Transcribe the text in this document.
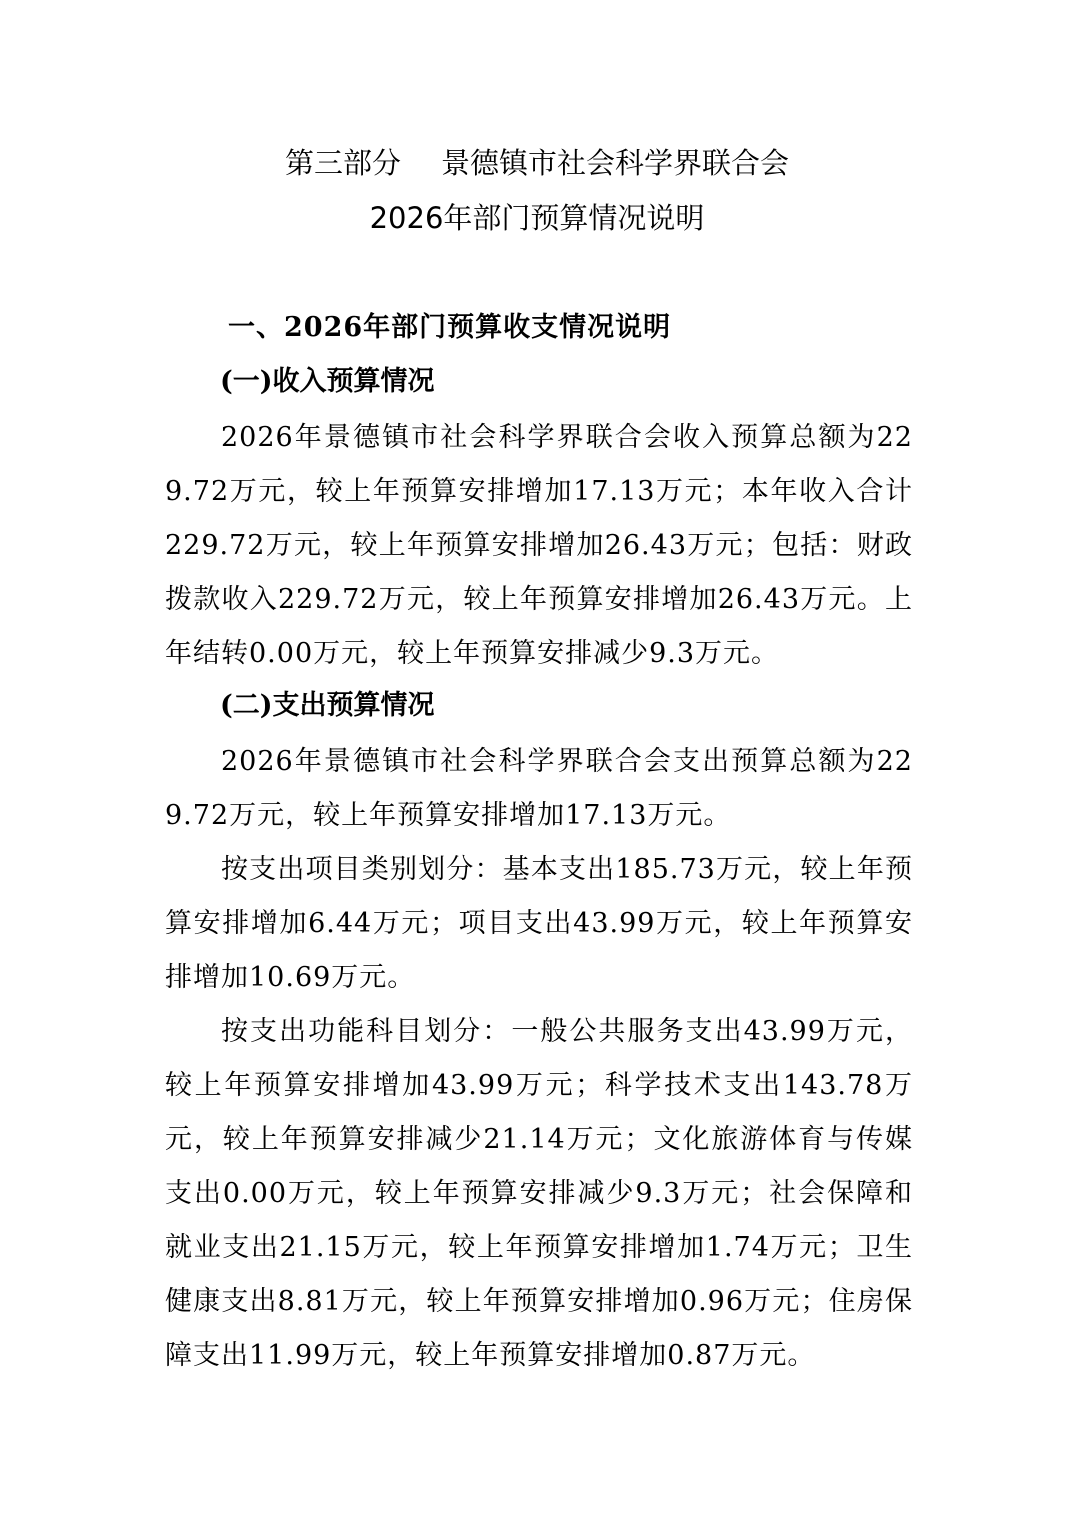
第三部分 景德镇市社会科学界联合会
2026年部门预算情况说明
一、2026年部门预算收支情况说明
(一)收入预算情况
2026年景德镇市社会科学界联合会收入预算总额为229.72万元，较上年预算安排增加17.13万元；本年收入合计229.72万元，较上年预算安排增加26.43万元；包括：财政拨款收入229.72万元，较上年预算安排增加26.43万元。上年结转0.00万元，较上年预算安排减少9.3万元。
(二)支出预算情况
2026年景德镇市社会科学界联合会支出预算总额为229.72万元，较上年预算安排增加17.13万元。
按支出项目类别划分：基本支出185.73万元，较上年预算安排增加6.44万元；项目支出43.99万元，较上年预算安排增加10.69万元。
按支出功能科目划分：一般公共服务支出43.99万元，较上年预算安排增加43.99万元；科学技术支出143.78万元，较上年预算安排减少21.14万元；文化旅游体育与传媒支出0.00万元，较上年预算安排减少9.3万元；社会保障和就业支出21.15万元，较上年预算安排增加1.74万元；卫生健康支出8.81万元，较上年预算安排增加0.96万元；住房保障支出11.99万元，较上年预算安排增加0.87万元。
